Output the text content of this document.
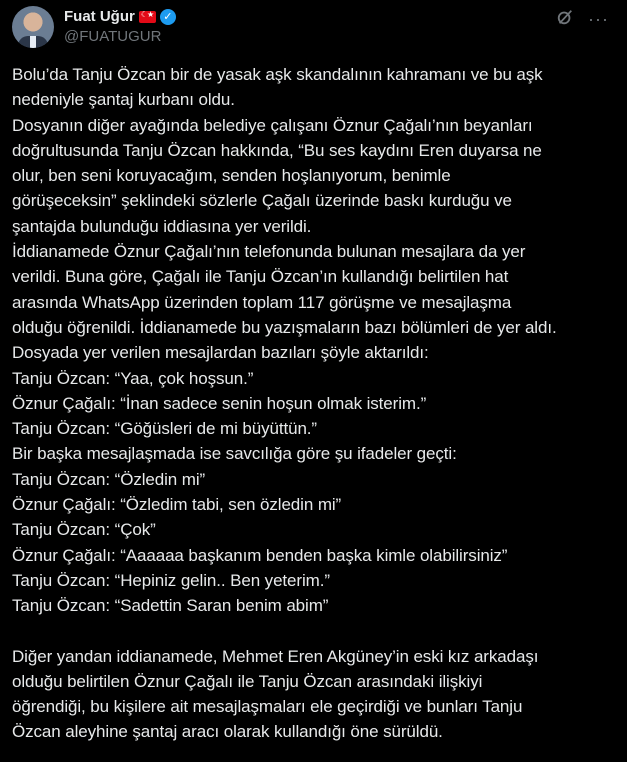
Fuat Uğur
☾★	✓
@FUATUGUR
···

Bolu’da Tanju Özcan bir de yasak aşk skandalının kahramanı ve bu aşk

nedeniyle şantaj kurbanı oldu.

Dosyanın diğer ayağında belediye çalışanı Öznur Çağalı’nın beyanları

doğrultusunda Tanju Özcan hakkında, “Bu ses kaydını Eren duyarsa ne

olur, ben seni koruyacağım, senden hoşlanıyorum, benimle

görüşeceksin” şeklindeki sözlerle Çağalı üzerinde baskı kurduğu ve

şantajda bulunduğu iddiasına yer verildi.

İddianamede Öznur Çağalı’nın telefonunda bulunan mesajlara da yer

verildi. Buna göre, Çağalı ile Tanju Özcan’ın kullandığı belirtilen hat

arasında WhatsApp üzerinden toplam 117 görüşme ve mesajlaşma

olduğu öğrenildi. İddianamede bu yazışmaların bazı bölümleri de yer aldı.

Dosyada yer verilen mesajlardan bazıları şöyle aktarıldı:

Tanju Özcan: “Yaa, çok hoşsun.”

Öznur Çağalı: “İnan sadece senin hoşun olmak isterim.”

Tanju Özcan: “Göğüsleri de mi büyüttün.”

Bir başka mesajlaşmada ise savcılığa göre şu ifadeler geçti:

Tanju Özcan: “Özledin mi”

Öznur Çağalı: “Özledim tabi, sen özledin mi”

Tanju Özcan: “Çok”

Öznur Çağalı: “Aaaaaa başkanım benden başka kimle olabilirsiniz”

Tanju Özcan: “Hepiniz gelin.. Ben yeterim.”

Tanju Özcan: “Sadettin Saran benim abim”

Diğer yandan iddianamede, Mehmet Eren Akgüney’in eski kız arkadaşı

olduğu belirtilen Öznur Çağalı ile Tanju Özcan arasındaki ilişkiyi

öğrendiği, bu kişilere ait mesajlaşmaları ele geçirdiği ve bunları Tanju

Özcan aleyhine şantaj aracı olarak kullandığı öne sürüldü.
